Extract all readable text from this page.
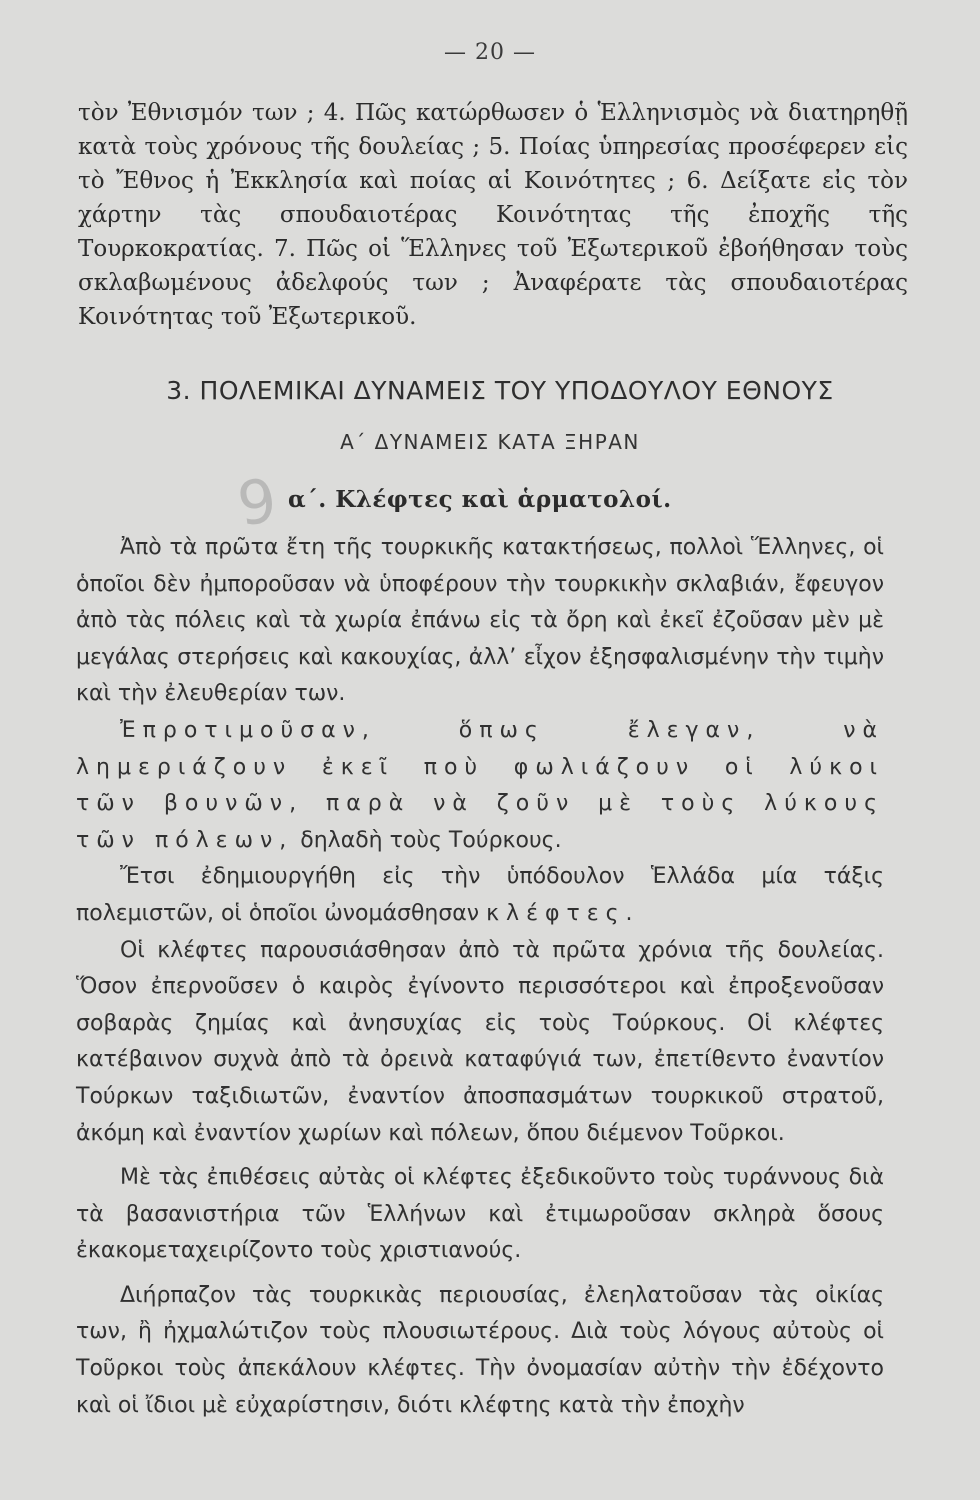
— 20 —
τὸν Ἐθνισμόν των ; 4. Πῶς κατώρθωσεν ὁ Ἑλληνισμὸς νὰ διατηρηθῇ κατὰ τοὺς χρόνους τῆς δουλείας ; 5. Ποίας ὑπηρεσίας προσέφερεν εἰς τὸ Ἔθνος ἡ Ἐκκλησία καὶ ποίας αἱ Κοινότητες ; 6. Δείξατε εἰς τὸν χάρτην τὰς σπουδαιοτέρας Κοινότητας τῆς ἐποχῆς τῆς Τουρκοκρατίας. 7. Πῶς οἱ Ἕλληνες τοῦ Ἐξωτερικοῦ ἐβοήθησαν τοὺς σκλαβωμένους ἀδελφούς των ; Ἀναφέρατε τὰς σπουδαιοτέρας Κοινότητας τοῦ Ἐξωτερικοῦ.
3. ΠΟΛΕΜΙΚΑΙ ΔΥΝΑΜΕΙΣ ΤΟΥ ΥΠΟΔΟΥΛΟΥ ΕΘΝΟΥΣ
Α΄ ΔΥΝΑΜΕΙΣ ΚΑΤΑ ΞΗΡΑΝ
9 α΄. Κλέφτες καὶ ἁρματολοί.

Ἀπὸ τὰ πρῶτα ἔτη τῆς τουρκικῆς κατακτήσεως, πολλοὶ Ἕλληνες, οἱ ὁποῖοι δὲν ἠμποροῦσαν νὰ ὑποφέρουν τὴν τουρκικὴν σκλαβιάν, ἔφευγον ἀπὸ τὰς πόλεις καὶ τὰ χωρία ἐπάνω εἰς τὰ ὄρη καὶ ἐκεῖ ἐζοῦσαν μὲν μὲ μεγάλας στερήσεις καὶ κακουχίας, ἀλλ’ εἶχον ἐξησφαλισμένην τὴν τιμὴν καὶ τὴν ἐλευθερίαν των.

Ἐπροτιμοῦσαν, ὅπως ἔλεγαν, νὰ λημεριάζουν ἐκεῖ ποὺ φωλιάζουν οἱ λύκοι τῶν βουνῶν, παρὰ νὰ ζοῦν μὲ τοὺς λύκους τῶν πόλεων, δηλαδὴ τοὺς Τούρκους.

Ἔτσι ἐδημιουργήθη εἰς τὴν ὑπόδουλον Ἑλλάδα μία τάξις πολεμιστῶν, οἱ ὁποῖοι ὠνομάσθησαν κλέφτες.

Οἱ κλέφτες παρουσιάσθησαν ἀπὸ τὰ πρῶτα χρόνια τῆς δουλείας. Ὅσον ἐπερνοῦσεν ὁ καιρὸς ἐγίνοντο περισσότεροι καὶ ἐπροξενοῦσαν σοβαρὰς ζημίας καὶ ἀνησυχίας εἰς τοὺς Τούρκους. Οἱ κλέφτες κατέβαινον συχνὰ ἀπὸ τὰ ὀρεινὰ καταφύγιά των, ἐπετίθεντο ἐναντίον Τούρκων ταξιδιωτῶν, ἐναντίον ἀποσπασμάτων τουρκικοῦ στρατοῦ, ἀκόμη καὶ ἐναντίον χωρίων καὶ πόλεων, ὅπου διέμενον Τοῦρκοι.

Μὲ τὰς ἐπιθέσεις αὐτὰς οἱ κλέφτες ἐξεδικοῦντο τοὺς τυράννους διὰ τὰ βασανιστήρια τῶν Ἑλλήνων καὶ ἐτιμωροῦσαν σκληρὰ ὅσους ἐκακομεταχειρίζοντο τοὺς χριστιανούς.

Διήρπαζον τὰς τουρκικὰς περιουσίας, ἐλεηλατοῦσαν τὰς οἰκίας των, ἢ ἠχμαλώτιζον τοὺς πλουσιωτέρους. Διὰ τοὺς λόγους αὐτοὺς οἱ Τοῦρκοι τοὺς ἀπεκάλουν κλέφτες. Τὴν ὀνομασίαν αὐτὴν τὴν ἐδέχοντο καὶ οἱ ἴδιοι μὲ εὐχαρίστησιν, διότι κλέφτης κατὰ τὴν ἐποχὴν
